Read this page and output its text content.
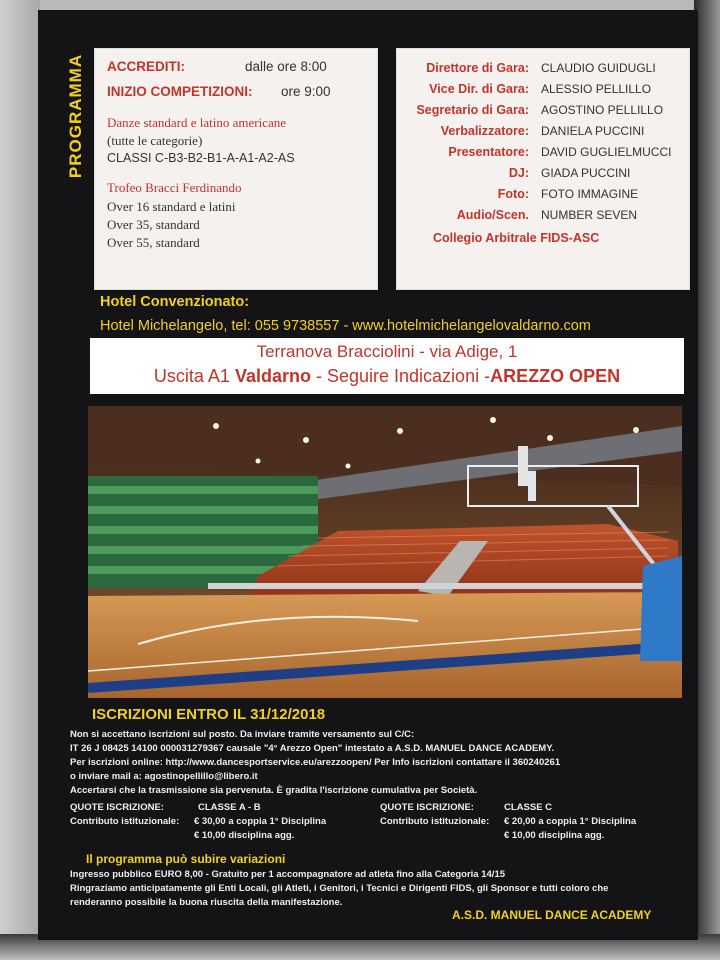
PROGRAMMA ACCREDITI:	dalle ore 8:00
INIZIO COMPETIZIONI: ore 9:00
Danze standard e latino americane
(tutte le categorie)
CLASSI C-B3-B2-B1-A-A1-A2-AS
Trofeo Bracci Ferdinando
Over 16 standard e latini
Over 35, standard
Over 55, standard
Direttore di Gara: CLAUDIO GUIDUGLI
Vice Dir. di Gara: ALESSIO PELLILLO
Segretario di Gara: AGOSTINO PELLILLO
Verbalizzatore: DANIELA PUCCINI
Presentatore: DAVID GUGLIELMUCCI
DJ: GIADA PUCCINI
Foto: FOTO IMMAGINE
Audio/Scen. NUMBER SEVEN
Collegio Arbitrale FIDS-ASC
Hotel Convenzionato:
Hotel Michelangelo, tel: 055 9738557 - www.hotelmichelangelovaldarno.com
Terranova Bracciolini - via Adige, 1
Uscita A1 Valdarno - Seguire Indicazioni -AREZZO OPEN
ISCRIZIONI ENTRO IL 31/12/2018
Non si accettano iscrizioni sul posto. Da inviare tramite versamento sul C/C:
IT 26 J 08425 14100 000031279367 causale "4° Arezzo Open" intestato a A.S.D. MANUEL DANCE ACADEMY.
Per iscrizioni online: http://www.dancesportservice.eu/arezzoopen/ Per Info iscrizioni contattare il 360240261
o inviare mail a: agostinopellillo@libero.it
Accertarsi che la trasmissione sia pervenuta. È gradita l'iscrizione cumulativa per Società.
QUOTE ISCRIZIONE:	CLASSE A - B
Contributo istituzionale: € 30,00 a coppia 1° Disciplina
€ 10,00 disciplina agg.
QUOTE ISCRIZIONE:	CLASSE C
Contributo istituzionale: € 20,00 a coppia 1° Disciplina
€ 10,00 disciplina agg.
Il programma può subire variazioni
Ingresso pubblico EURO 8,00 - Gratuito per 1 accompagnatore ad atleta fino alla Categoria 14/15
Ringraziamo anticipatamente gli Enti Locali, gli Atleti, i Genitori, i Tecnici e Dirigenti FIDS, gli Sponsor e tutti coloro che
renderanno possibile la buona riuscita della manifestazione.
A.S.D. MANUEL DANCE ACADEMY
